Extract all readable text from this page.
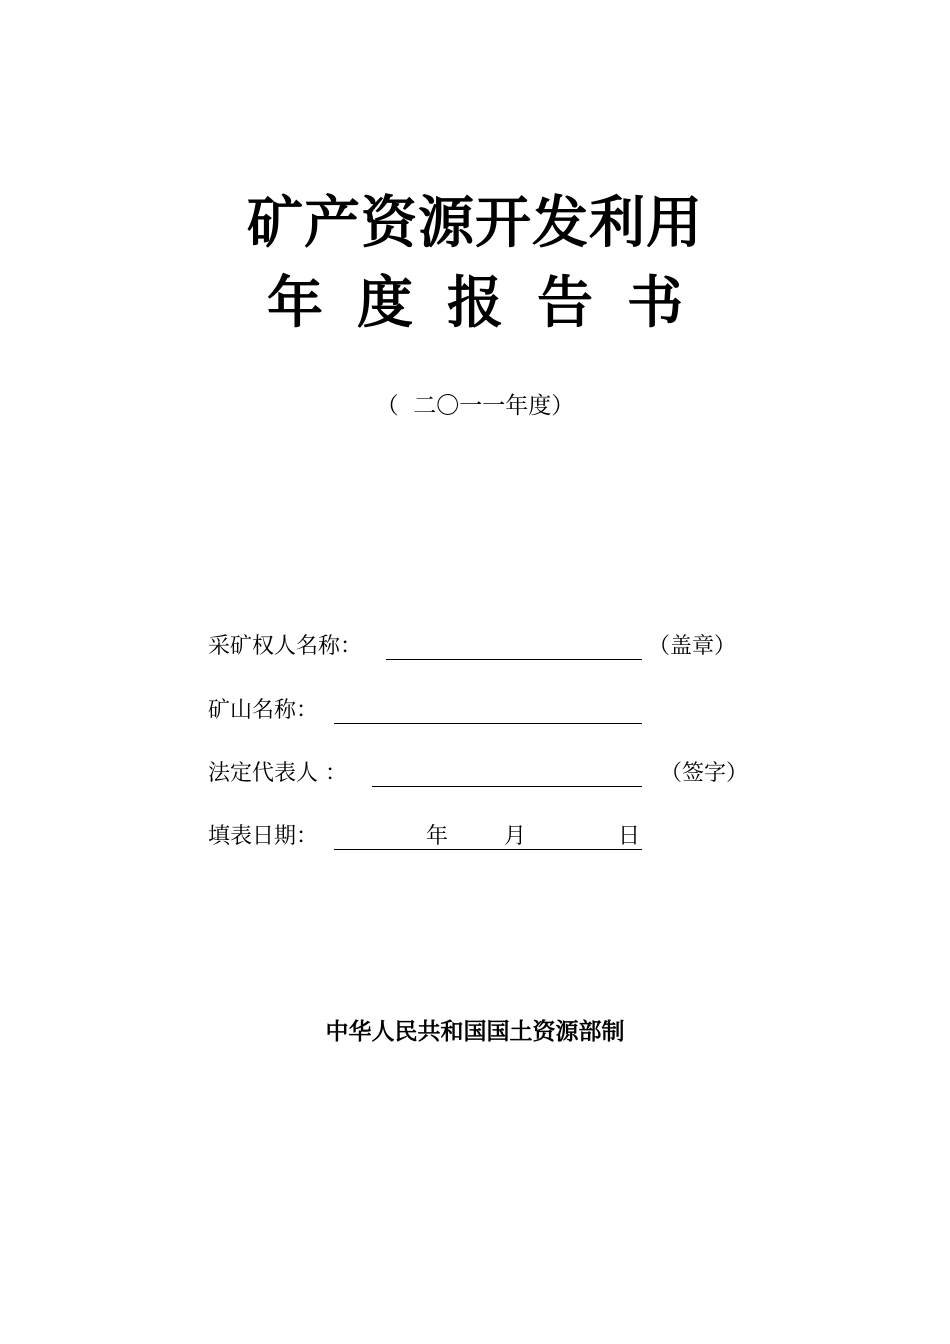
矿产资源开发利用
年度报告书
（  二〇一一年度）
采矿权人名称：	（盖章）
矿山名称：
法定代表人 ：	（签字）
填表日期：	年	月	日
中华人民共和国国土资源部制
